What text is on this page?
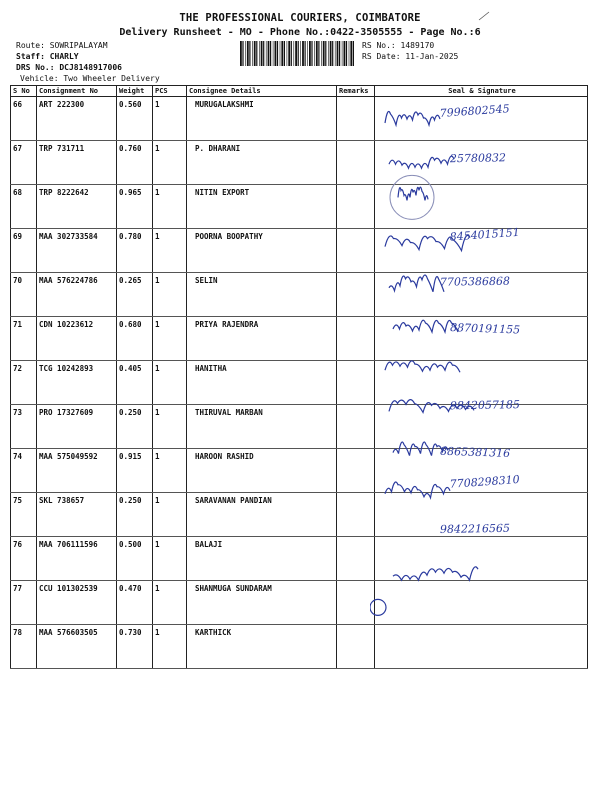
THE PROFESSIONAL COURIERS, COIMBATORE
Delivery Runsheet - MO - Phone No.:0422-3505555 - Page No.:6
Route: SOWRIPALAYAM
Staff: CHARLY
DRS No.: DCJ8148917006
Vehicle: Two Wheeler Delivery
RS No.: 1489170
RS Date: 11-Jan-2025
S No	Consignment No	Weight	PCS	Consignee Details	Remarks	Seal & Signature
66	ART 222300	0.560	1	MURUGALAKSHMI		
67	TRP 731711	0.760	1	P. DHARANI		
68	TRP 8222642	0.965	1	NITIN EXPORT		
69	MAA 302733584	0.780	1	POORNA BOOPATHY		
70	MAA 576224786	0.265	1	SELIN		
71	CDN 10223612	0.680	1	PRIYA RAJENDRA		
72	TCG 10242893	0.405	1	HANITHA		
73	PRO 17327609	0.250	1	THIRUVAL MARBAN		
74	MAA 575049592	0.915	1	HAROON RASHID		
75	SKL 738657	0.250	1	SARAVANAN PANDIAN		
76	MAA 706111596	0.500	1	BALAJI		
77	CCU 101302539	0.470	1	SHANMUGA SUNDARAM		
78	MAA 576603505	0.730	1	KARTHICK		
7996802545
25780832
8454015151
7705386868
8870191155
9842057185
8865381316
7708298310
9842216565
